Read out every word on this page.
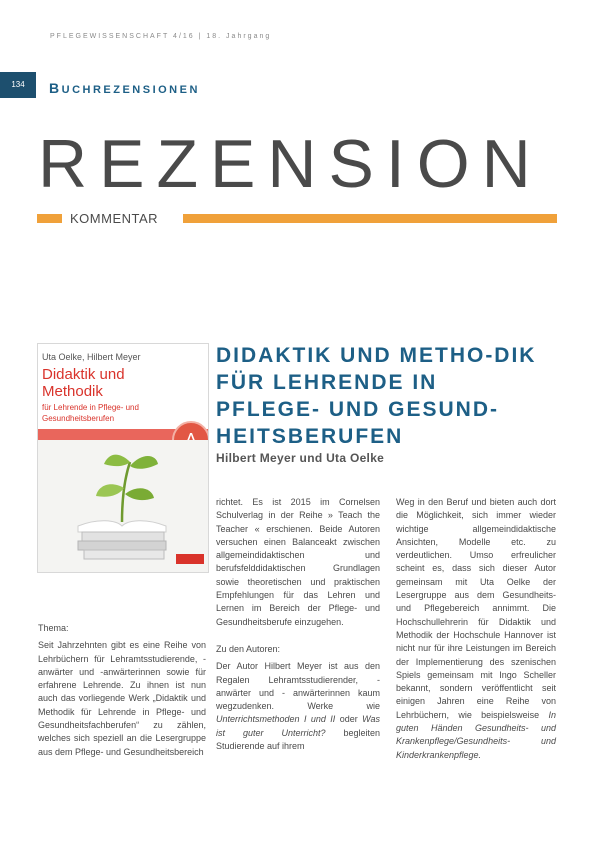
PFLEGEWISSENSCHAFT 4/16 | 18. Jahrgang
134	BUCHREZENSIONEN
REZENSION
KOMMENTAR
Uta Oelke, Hilbert Meyer
Didaktik und
Methodik
für Lehrende in Pflege- und
Gesundheitsberufen
DIDAKTIK UND METHO-DIK FÜR LEHRENDE IN PFLEGE- UND GESUND-HEITSBERUFEN
Hilbert Meyer und Uta Oelke

Thema:

Seit Jahrzehnten gibt es eine Reihe von Lehrbüchern für Lehramtsstudierende, -anwärter und -anwärterinnen sowie für erfahrene Lehrende. Zu ihnen ist nun auch das vorliegende Werk „Didaktik und Methodik für Lehrende in Pflege- und Gesundheitsfachberufen“ zu zählen, welches sich speziell an die Lesergruppe aus dem Pflege- und Gesundheitsbereich

richtet. Es ist 2015 im Cornelsen Schulverlag in der Reihe » Teach the Teacher « erschienen. Beide Autoren versuchen einen Balanceakt zwischen allgemeindidaktischen und berufsfelddidaktischen Grundlagen sowie theoretischen und praktischen Empfehlungen für das Lehren und Lernen im Bereich der Pflege- und Gesundheitsberufe einzugehen.

Zu den Autoren:

Der Autor Hilbert Meyer ist aus den Regalen Lehramtsstudierender, -anwärter und - anwärterinnen kaum wegzudenken. Werke wie Unterrichtsmethoden I und II oder Was ist guter Unterricht? begleiten Studierende auf ihrem

Weg in den Beruf und bieten auch dort die Möglichkeit, sich immer wieder wichtige allgemeindidaktische Ansichten, Modelle etc. zu verdeutlichen. Umso erfreulicher scheint es, dass sich dieser Autor gemeinsam mit Uta Oelke der Lesergruppe aus dem Gesundheits- und Pflegebereich annimmt. Die Hochschullehrerin für Didaktik und Methodik der Hochschule Hannover ist nicht nur für ihre Leistungen im Bereich der Implementierung des szenischen Spiels gemeinsam mit Ingo Scheller bekannt, sondern veröffentlicht seit einigen Jahren eine Reihe von Lehrbüchern, wie beispielsweise In guten Händen Gesundheits- und Krankenpflege/Gesundheits- und Kinderkrankenpflege.
